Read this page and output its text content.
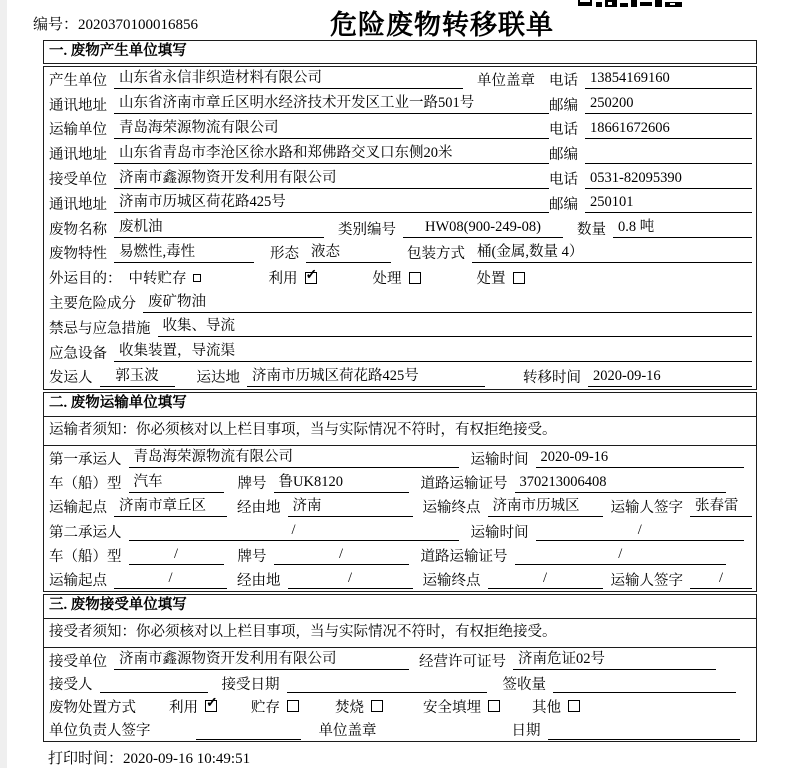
编号：2020370100016856	危险废物转移联单
一. 废物产生单位填写
产生单位 山东省永信非织造材料有限公司	单位盖章 电话 13854169160
通讯地址 山东省济南市章丘区明水经济技术开发区工业一路501号	邮编 250200
运输单位 青岛海荣源物流有限公司	电话 18661672606
通讯地址 山东省青岛市李沧区徐水路和郑佛路交叉口东侧20米	邮编
接受单位 济南市鑫源物资开发利用有限公司	电话 0531-82095390
通讯地址 济南市历城区荷花路425号	邮编 250101
废物名称 废机油	类别编号	HW08(900-249-08)	数量 0.8 吨
废物特性 易燃性,毒性	形态 液态	包装方式 桶(金属,数量 4）
外运目的： 中转贮存	利用 ✓	处理	处置
主要危险成分 废矿物油
禁忌与应急措施 收集、导流
应急设备 收集装置，导流渠
发运人	郭玉波	运达地 济南市历城区荷花路425号	转移时间 2020-09-16
二. 废物运输单位填写
运输者须知：你必须核对以上栏目事项，当与实际情况不符时，有权拒绝接受。
第一承运人 青岛海荣源物流有限公司	运输时间 2020-09-16
车（船）型 汽车	牌号 鲁UK8120	道路运输证号 370213006408
运输起点 济南市章丘区	经由地 济南	运输终点 济南市历城区	运输人签字 张春雷
第二承运人	/	运输时间	/
车（船）型	/	牌号	/	道路运输证号	/
运输起点	/	经由地	/	运输终点	/	运输人签字	/
三. 废物接受单位填写
接受者须知：你必须核对以上栏目事项，当与实际情况不符时，有权拒绝接受。
接受单位 济南市鑫源物资开发利用有限公司	经营许可证号 济南危证02号
接受人	接受日期	签收量
废物处置方式	利用 ✓	贮存	焚烧	安全填埋	其他
单位负责人签字	单位盖章	日期
打印时间：2020-09-16 10:49:51
